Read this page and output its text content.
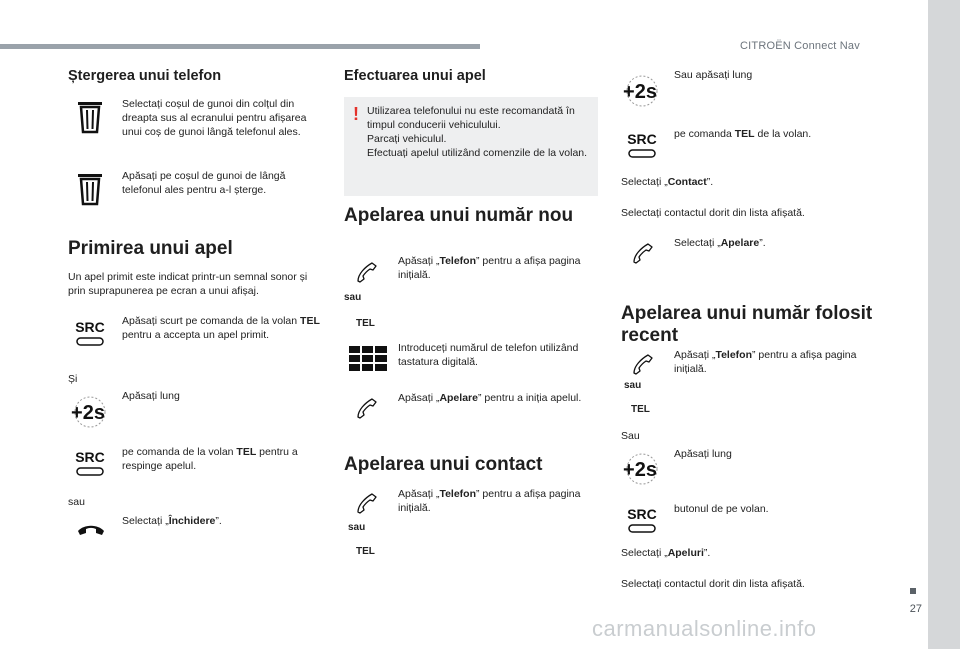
CITROËN Connect Nav
27
carmanualsonline.info
Ștergerea unui telefon
Selectați coșul de gunoi din colțul din dreapta sus al ecranului pentru afișarea unui coș de gunoi lângă telefonul ales.
Apăsați pe coșul de gunoi de lângă telefonul ales pentru a-l șterge.
Primirea unui apel
Un apel primit este indicat printr-un semnal sonor și prin suprapunerea pe ecran a unui afișaj.
SRC Apăsați scurt pe comanda de la volan TEL pentru a accepta un apel primit.
Și
+2s
Apăsați lung
SRC pe comanda de la volan TEL pentru a respinge apelul.
sau
Selectați „Închidere”.
Efectuarea unui apel
! Utilizarea telefonului nu este recomandată în timpul conducerii vehiculului.
Parcați vehiculul.
Efectuați apelul utilizând comenzile de la volan.
Apelarea unui număr nou
sau
TEL
Apăsați „Telefon” pentru a afișa pagina inițială.
Introduceți numărul de telefon utilizând tastatura digitală.
Apăsați „Apelare” pentru a iniția apelul.
Apelarea unui contact
sau
TEL
Apăsați „Telefon” pentru a afișa pagina inițială.
+2s
Sau apăsați lung
SRC pe comanda TEL de la volan.
Selectați „Contact”.
Selectați contactul dorit din lista afișată.
Selectați „Apelare”.
Apelarea unui număr folosit recent
sau
TEL
Apăsați „Telefon” pentru a afișa pagina inițială.
Sau
+2s
Apăsați lung
SRC butonul de pe volan.
Selectați „Apeluri”.
Selectați contactul dorit din lista afișată.
